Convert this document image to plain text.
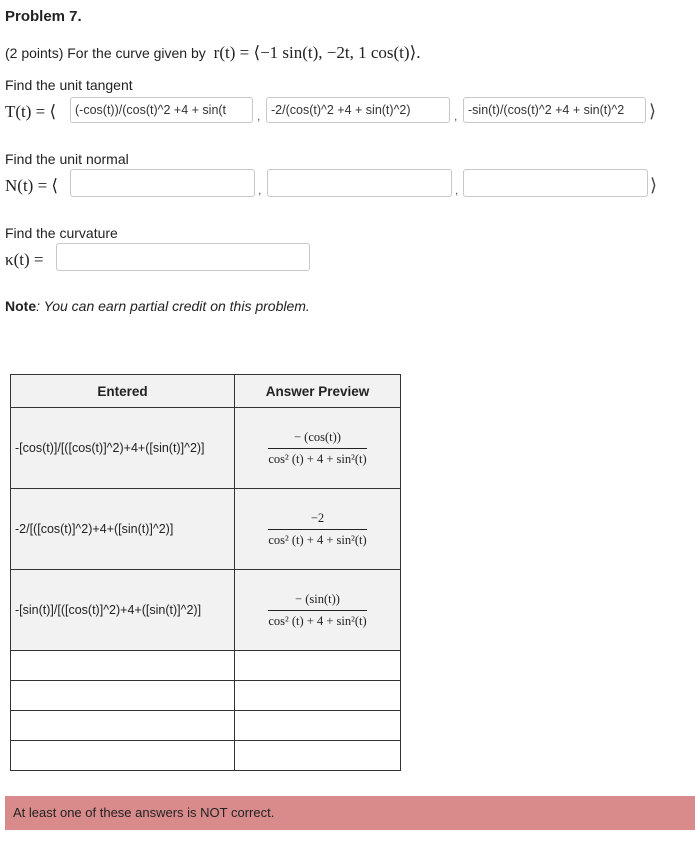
Problem 7.
(2 points) For the curve given by r(t) = ⟨−1 sin(t), −2t, 1 cos(t)⟩.
Find the unit tangent
T(t) = ⟨
(-cos(t))/(cos(t)^2 +4 + sin(t	,
-2/(cos(t)^2 +4 + sin(t)^2)	,
-sin(t)/(cos(t)^2 +4 + sin(t)^2	⟩
Find the unit normal
N(t) = ⟨	,	,	⟩
Find the curvature
κ(t) =
Note: You can earn partial credit on this problem.
Entered	Answer Preview
-[cos(t)]/[([cos(t)]^2)+4+([sin(t)]^2)]	$\frac{- (\cos(t))}{\text{cos² (t) + 4 + sin²(t)}}$

-2/[([cos(t)]^2)+4+([sin(t)]^2)]	$\frac{-2}{\text{cos² (t) + 4 + sin²(t)}}$

-[sin(t)]/[([cos(t)]^2)+4+([sin(t)]^2)]	$\frac{- (\sin(t))}{\text{cos² (t) + 4 + sin²(t)}}$

At least one of these answers is NOT correct.
